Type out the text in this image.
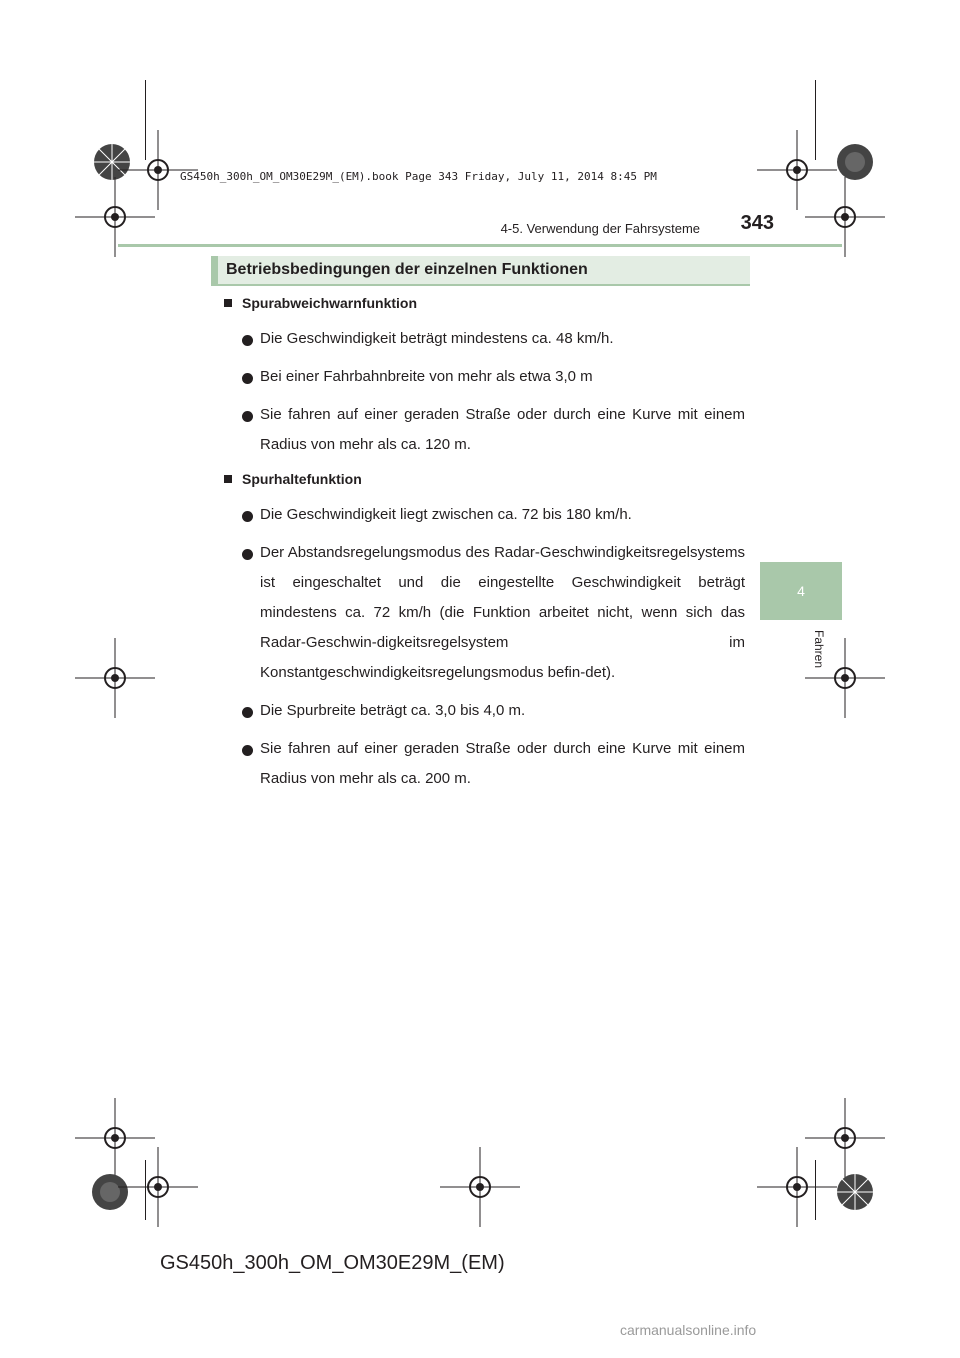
GS450h_300h_OM_OM30E29M_(EM).book Page 343 Friday, July 11, 2014 8:45 PM
4-5. Verwendung der Fahrsysteme	343
4
Fahren
Betriebsbedingungen der einzelnen Funktionen
Spurabweichwarnfunktion
Die Geschwindigkeit beträgt mindestens ca. 48 km/h.
Bei einer Fahrbahnbreite von mehr als etwa 3,0 m
Sie fahren auf einer geraden Straße oder durch eine Kurve mit einem Radius von mehr als ca. 120 m.
Spurhaltefunktion
Die Geschwindigkeit liegt zwischen ca. 72 bis 180 km/h.
Der Abstandsregelungsmodus des Radar-Geschwindigkeitsregelsystems ist eingeschaltet und die eingestellte Geschwindigkeit beträgt mindestens ca. 72 km/h (die Funktion arbeitet nicht, wenn sich das Radar-Geschwin-digkeitsregelsystem im Konstantgeschwindigkeitsregelungsmodus befin-det).
Die Spurbreite beträgt ca. 3,0 bis 4,0 m.
Sie fahren auf einer geraden Straße oder durch eine Kurve mit einem Radius von mehr als ca. 200 m.
GS450h_300h_OM_OM30E29M_(EM)
carmanualsonline.info
